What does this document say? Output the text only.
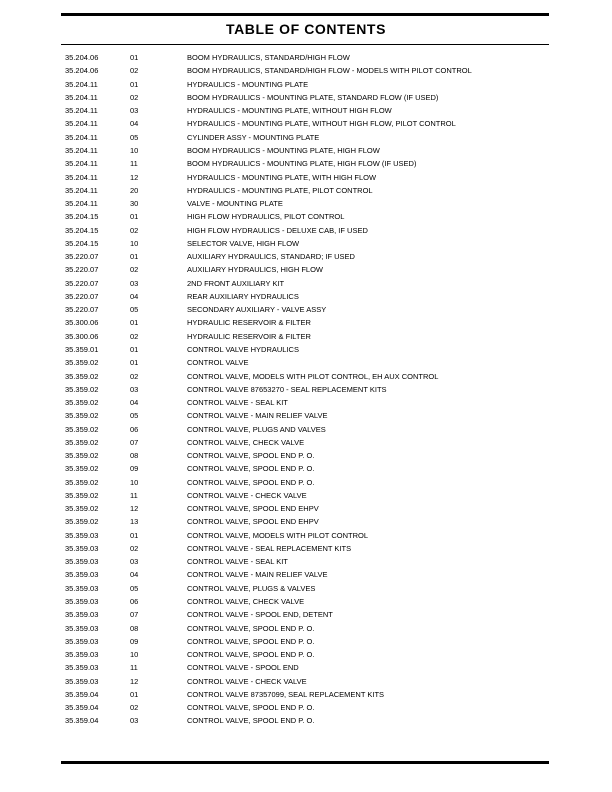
TABLE OF CONTENTS
35.204.06	01	BOOM HYDRAULICS, STANDARD/HIGH FLOW
35.204.06	02	BOOM HYDRAULICS, STANDARD/HIGH FLOW - MODELS WITH PILOT CONTROL
35.204.11	01	HYDRAULICS - MOUNTING PLATE
35.204.11	02	BOOM HYDRAULICS - MOUNTING PLATE, STANDARD FLOW (IF USED)
35.204.11	03	HYDRAULICS - MOUNTING PLATE, WITHOUT HIGH FLOW
35.204.11	04	HYDRAULICS - MOUNTING PLATE, WITHOUT HIGH FLOW, PILOT CONTROL
35.204.11	05	CYLINDER ASSY - MOUNTING PLATE
35.204.11	10	BOOM HYDRAULICS - MOUNTING PLATE, HIGH FLOW
35.204.11	11	BOOM HYDRAULICS - MOUNTING PLATE, HIGH FLOW (IF USED)
35.204.11	12	HYDRAULICS - MOUNTING PLATE, WITH HIGH FLOW
35.204.11	20	HYDRAULICS - MOUNTING PLATE, PILOT CONTROL
35.204.11	30	VALVE - MOUNTING PLATE
35.204.15	01	HIGH FLOW HYDRAULICS, PILOT CONTROL
35.204.15	02	HIGH FLOW HYDRAULICS - DELUXE CAB, IF USED
35.204.15	10	SELECTOR VALVE, HIGH FLOW
35.220.07	01	AUXILIARY HYDRAULICS, STANDARD; IF USED
35.220.07	02	AUXILIARY HYDRAULICS, HIGH FLOW
35.220.07	03	2ND FRONT AUXILIARY KIT
35.220.07	04	REAR AUXILIARY HYDRAULICS
35.220.07	05	SECONDARY AUXILIARY - VALVE ASSY
35.300.06	01	HYDRAULIC RESERVOIR & FILTER
35.300.06	02	HYDRAULIC RESERVOIR & FILTER
35.359.01	01	CONTROL VALVE HYDRAULICS
35.359.02	01	CONTROL VALVE
35.359.02	02	CONTROL VALVE, MODELS WITH PILOT CONTROL, EH AUX CONTROL
35.359.02	03	CONTROL VALVE 87653270 - SEAL REPLACEMENT KITS
35.359.02	04	CONTROL VALVE - SEAL KIT
35.359.02	05	CONTROL VALVE - MAIN RELIEF VALVE
35.359.02	06	CONTROL VALVE, PLUGS AND VALVES
35.359.02	07	CONTROL VALVE, CHECK VALVE
35.359.02	08	CONTROL VALVE, SPOOL END P. O.
35.359.02	09	CONTROL VALVE, SPOOL END P. O.
35.359.02	10	CONTROL VALVE, SPOOL END P. O.
35.359.02	11	CONTROL VALVE - CHECK VALVE
35.359.02	12	CONTROL VALVE, SPOOL END EHPV
35.359.02	13	CONTROL VALVE, SPOOL END EHPV
35.359.03	01	CONTROL VALVE, MODELS WITH PILOT CONTROL
35.359.03	02	CONTROL VALVE - SEAL REPLACEMENT KITS
35.359.03	03	CONTROL VALVE - SEAL KIT
35.359.03	04	CONTROL VALVE - MAIN RELIEF VALVE
35.359.03	05	CONTROL VALVE, PLUGS & VALVES
35.359.03	06	CONTROL VALVE, CHECK VALVE
35.359.03	07	CONTROL VALVE - SPOOL END, DETENT
35.359.03	08	CONTROL VALVE, SPOOL END P. O.
35.359.03	09	CONTROL VALVE, SPOOL END P. O.
35.359.03	10	CONTROL VALVE, SPOOL END P. O.
35.359.03	11	CONTROL VALVE - SPOOL END
35.359.03	12	CONTROL VALVE - CHECK VALVE
35.359.04	01	CONTROL VALVE 87357099, SEAL REPLACEMENT KITS
35.359.04	02	CONTROL VALVE, SPOOL END P. O.
35.359.04	03	CONTROL VALVE, SPOOL END P. O.
